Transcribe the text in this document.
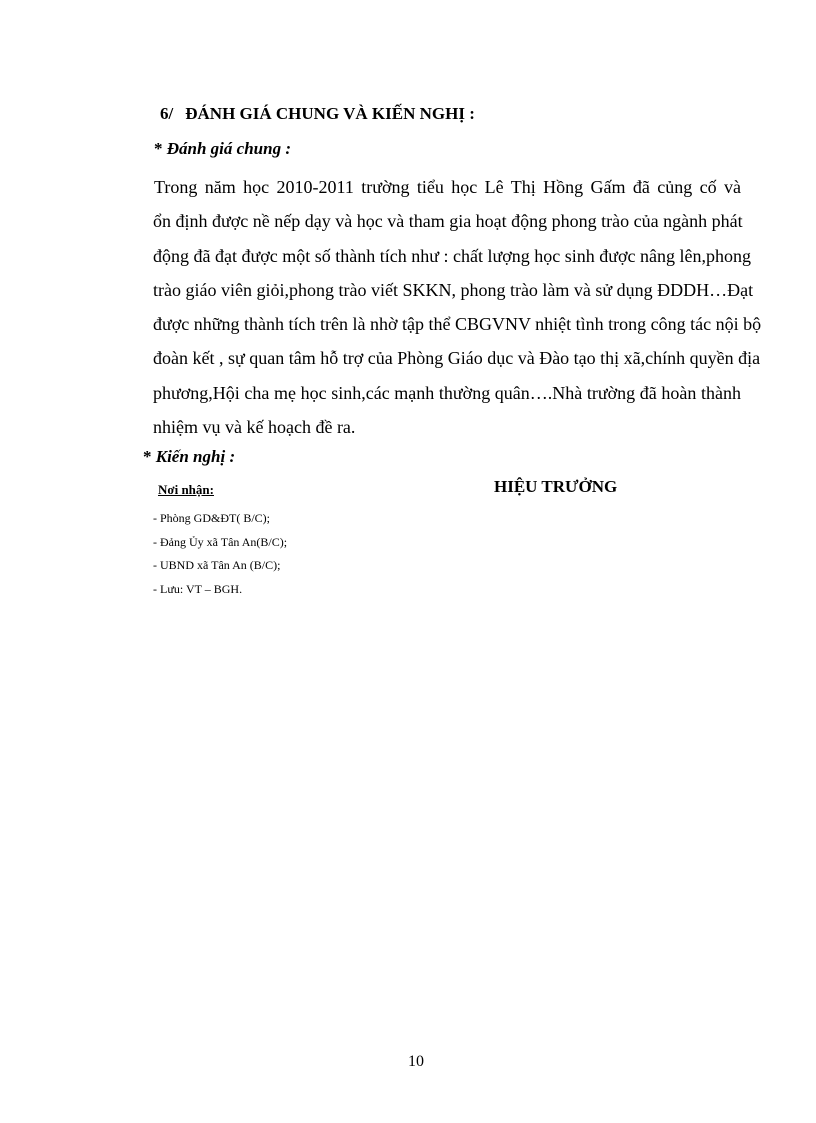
6/ ĐÁNH GIÁ CHUNG VÀ KIẾN NGHỊ :
* Đánh giá chung :
Trong năm học 2010-2011 trường tiểu học Lê Thị Hồng Gấm đã củng cố và
ổn định được nề nếp dạy và học và tham gia hoạt động phong trào của ngành phát
động đã đạt được một số thành tích như : chất lượng học sinh được nâng lên,phong
trào giáo viên giỏi,phong trào viết SKKN, phong trào làm và sử dụng ĐDDH…Đạt
được những thành tích trên là nhờ tập thể CBGVNV nhiệt tình trong công tác nội bộ
đoàn kết , sự quan tâm hỗ trợ của Phòng Giáo dục và Đào tạo thị xã,chính quyền địa
phương,Hội cha mẹ học sinh,các mạnh thường quân….Nhà trường đã hoàn thành
nhiệm vụ và kế hoạch đề ra.
* Kiến nghị :
Nơi nhận:
- Phòng GD&ĐT( B/C);
- Đảng Ủy xã Tân An(B/C);
- UBND xã Tân An (B/C);
- Lưu: VT – BGH.
HIỆU TRƯỞNG
10
